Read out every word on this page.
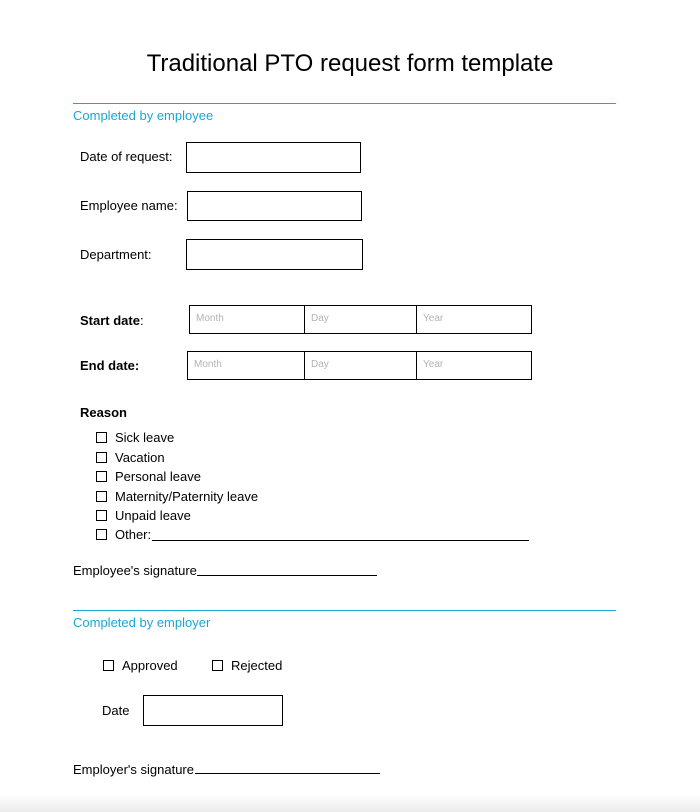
Traditional PTO request form template
Completed by employee
Date of request:
Employee name:
Department:
Start date:	Month	Day	Year
End date:	Month	Day	Year
Reason
Sick leave
Vacation
Personal leave
Maternity/Paternity leave
Unpaid leave
Other:
Employee's signature
Completed by employer
Approved	Rejected
Date
Employer's signature
